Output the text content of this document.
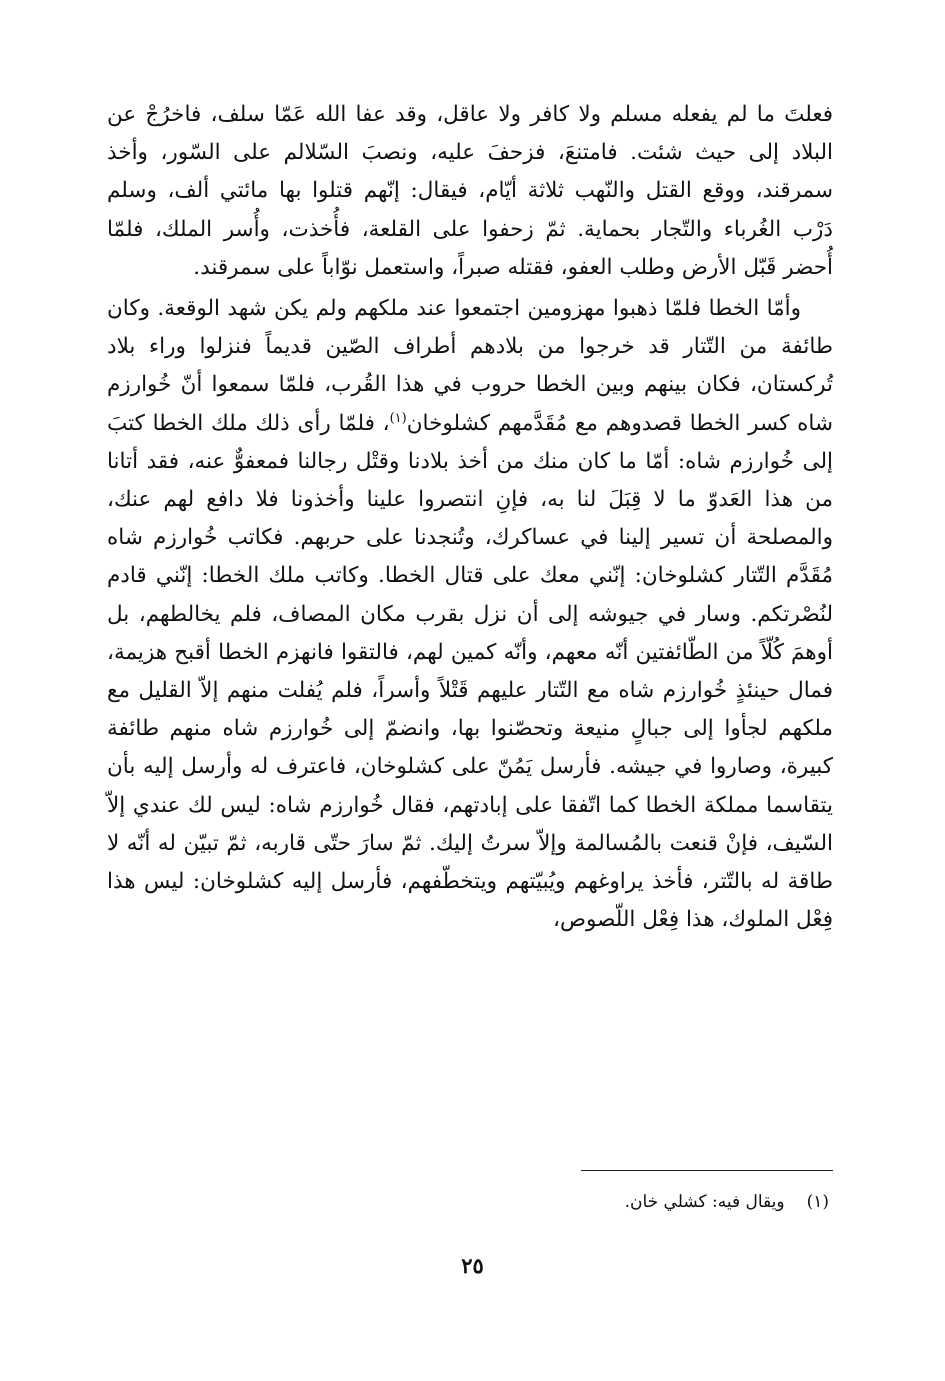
فعلتَ ما لم يفعله مسلم ولا كافر ولا عاقل، وقد عفا الله عَمّا سلف، فاخرُجْ عن البلاد إلى حيث شئت. فامتنعَ، فزحفَ عليه، ونصبَ السّلالم على السّور، وأخذ سمرقند، ووقع القتل والنّهب ثلاثة أيّام، فيقال: إنّهم قتلوا بها مائتي ألف، وسلم دَرْب الغُرباء والتّجار بحماية. ثمّ زحفوا على القلعة، فأُخذت، وأُسر الملك، فلمّا أُحضر قَبّل الأرض وطلب العفو، فقتله صبراً، واستعمل نوّاباً على سمرقند.

وأمّا الخطا فلمّا ذهبوا مهزومين اجتمعوا عند ملكهم ولم يكن شهد الوقعة. وكان طائفة من التّتار قد خرجوا من بلادهم أطراف الصّين قديماً فنزلوا وراء بلاد تُركستان، فكان بينهم وبين الخطا حروب في هذا القُرب، فلمّا سمعوا أنّ خُوارزم شاه كسر الخطا قصدوهم مع مُقَدَّمهم كشلوخان$^{(١)}$، فلمّا رأى ذلك ملك الخطا كتبَ إلى خُوارزم شاه: أمّا ما كان منك من أخذ بلادنا وقتْل رجالنا فمعفوٌّ عنه، فقد أتانا من هذا العَدوّ ما لا قِبَلَ لنا به، فإنِ انتصروا علينا وأخذونا فلا دافع لهم عنك، والمصلحة أن تسير إلينا في عساكرك، وتُنجدنا على حربهم. فكاتب خُوارزم شاه مُقَدَّم التّتار كشلوخان: إنّني معك على قتال الخطا. وكاتب ملك الخطا: إنّني قادم لنُصْرتكم. وسار في جيوشه إلى أن نزل بقرب مكان المصاف، فلم يخالطهم، بل أوهمَ كُلّاً من الطّائفتين أنّه معهم، وأنّه كمين لهم، فالتقوا فانهزم الخطا أقبح هزيمة، فمال حينئذٍ خُوارزم شاه مع التّتار عليهم قَتْلاً وأسراً، فلم يُفلت منهم إلاّ القليل مع ملكهم لجأوا إلى جبالٍ منيعة وتحصّنوا بها، وانضمّ إلى خُوارزم شاه منهم طائفة كبيرة، وصاروا في جيشه. فأرسل يَمُنّ على كشلوخان، فاعترف له وأرسل إليه بأن يتقاسما مملكة الخطا كما اتّفقا على إبادتهم، فقال خُوارزم شاه: ليس لك عندي إلاّ السّيف، فإنْ قنعت بالمُسالمة وإلاّ سرتُ إليك. ثمّ سارَ حتّى قاربه، ثمّ تبيّن له أنّه لا طاقة له بالتّتر، فأخذ يراوغهم ويُبيّتهم ويتخطّفهم، فأرسل إليه كشلوخان: ليس هذا فِعْل الملوك، هذا فِعْل اللّصوص،

(١)ويقال فيه: كشلي خان.
٢٥
